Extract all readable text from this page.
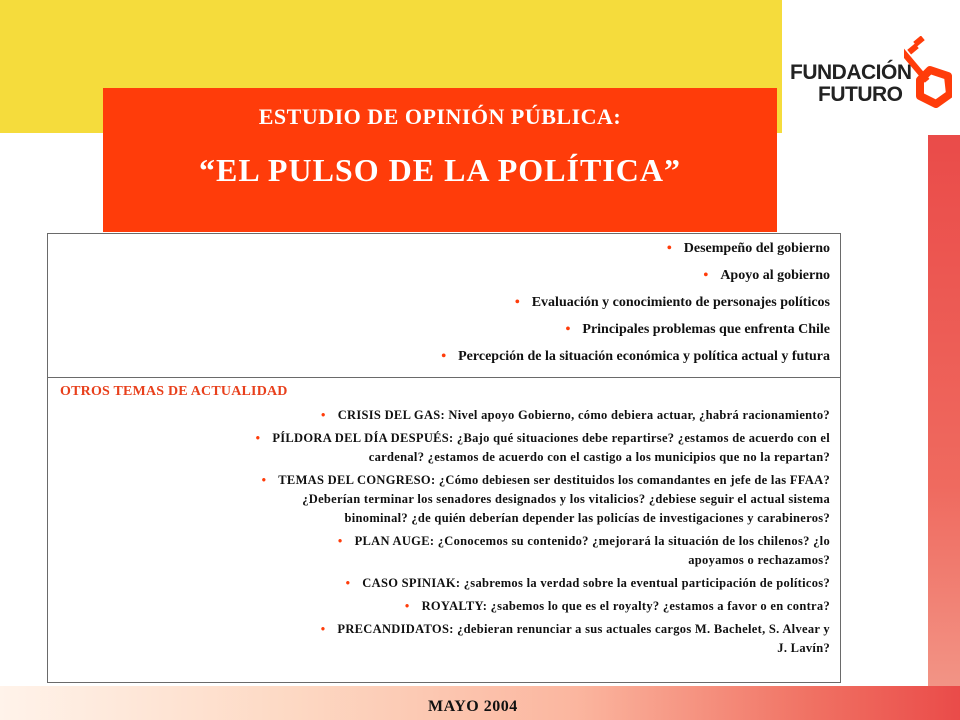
FUNDACIÓN
FUTURO
ESTUDIO DE OPINIÓN PÚBLICA:
“EL PULSO DE LA POLÍTICA”
• Desempeño del gobierno
• Apoyo al gobierno
• Evaluación y conocimiento de personajes políticos
• Principales problemas que enfrenta Chile
• Percepción de la situación económica y política actual y futura
OTROS TEMAS DE ACTUALIDAD
• CRISIS DEL GAS: Nivel apoyo Gobierno, cómo debiera actuar, ¿habrá racionamiento?
• PÍLDORA DEL DÍA DESPUÉS: ¿Bajo qué situaciones debe repartirse? ¿estamos de acuerdo con el
cardenal? ¿estamos de acuerdo con el castigo a los municipios que no la repartan?
• TEMAS DEL CONGRESO: ¿Cómo debiesen ser destituidos los comandantes en jefe de las FFAA?
¿Deberían terminar los senadores designados y los vitalicios? ¿debiese seguir el actual sistema
binominal? ¿de quién deberían depender las policías de investigaciones y carabineros?
• PLAN AUGE: ¿Conocemos su contenido? ¿mejorará la situación de los chilenos? ¿lo
apoyamos o rechazamos?
• CASO SPINIAK: ¿sabremos la verdad sobre la eventual participación de políticos?
• ROYALTY: ¿sabemos lo que es el royalty? ¿estamos a favor o en contra?
• PRECANDIDATOS: ¿debieran renunciar a sus actuales cargos M. Bachelet, S. Alvear y
J. Lavín?
MAYO 2004
